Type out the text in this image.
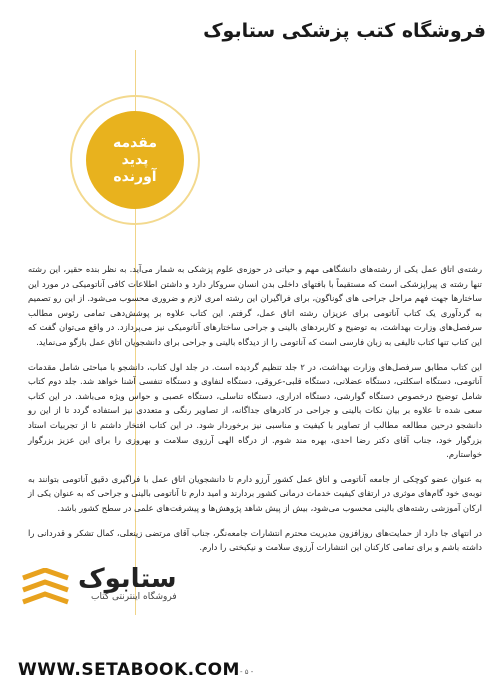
فروشگاه کتب پزشکی ستابوک
مقدمه
پدید
آورنده

رشته‌ی اتاق عمل یکی از رشته‌های دانشگاهی مهم و حیاتی در حوزه‌ی علوم پزشکی به شمار می‌آید. به نظر بنده حقیر، این رشته تنها رشته ی پیراپزشکی است که مستقیماً با بافتهای داخلی بدن انسان سروکار دارد و داشتن اطلاعات کافی آناتومیکی در مورد این ساختارها جهت فهم مراحل جراحی های گوناگون، برای فراگیران این رشته امری لازم و ضروری محسوب می‌شود. از این رو تصمیم به گردآوری یک کتاب آناتومی برای عزیزان رشته اتاق عمل، گرفتم. این کتاب علاوه بر پوشش‌دهی تمامی رئوس مطالب سرفصل‌های وزارت بهداشت، به توضیح و کاربردهای بالینی و جراحی ساختارهای آناتومیکی نیز می‌پردازد. در واقع می‌توان گفت که این کتاب تنها کتاب تالیفی به زبان فارسی است که آناتومی را از دیدگاه بالینی و جراحی برای دانشجویان اتاق عمل بازگو می‌نماید.

این کتاب مطابق سرفصل‌های وزارت بهداشت، در ۲ جلد تنظیم گردیده است. در جلد اول کتاب، دانشجو با مباحثی شامل مقدمات آناتومی، دستگاه اسکلتی، دستگاه عضلانی، دستگاه قلبی-عروقی، دستگاه لنفاوی و دستگاه تنفسی آشنا خواهد شد. جلد دوم کتاب شامل توضیح درخصوص دستگاه گوارشی، دستگاه ادراری، دستگاه تناسلی، دستگاه عصبی و حواس ویژه می‌باشد. در این کتاب سعی شده تا علاوه بر بیان نکات بالینی و جراحی در کادرهای جداگانه، از تصاویر رنگی و متعددی نیز استفاده گردد تا از این رو دانشجو درحین مطالعه مطالب از تصاویر با کیفیت و مناسبی نیز برخوردار شود. در این کتاب افتخار داشتم تا از تجربیات استاد بزرگوار خود، جناب آقای دکتر رضا احدی، بهره مند شوم. از درگاه الهی آرزوی سلامت و بهروزی را برای این عزیز بزرگوار خواستارم.

به عنوان عضو کوچکی از جامعه آناتومی و اتاق عمل کشور آرزو دارم تا دانشجویان اتاق عمل با فراگیری دقیق آناتومی بتوانند به نوبه‌ی خود گام‌های موثری در ارتقای کیفیت خدمات درمانی کشور بردارند و امید دارم تا آناتومی بالینی و جراحی که به عنوان یکی از ارکان آموزشی رشته‌های بالینی محسوب می‌شود، بیش از پیش شاهد پژوهش‌ها و پیشرفت‌های علمی در سطح کشور باشد.

در انتهای جا دارد از حمایت‌های روزافزون مدیریت محترم انتشارات جامعه‌نگر، جناب آقای مرتضی زینعلی، کمال تشکر و قدردانی را داشته باشم و برای تمامی کارکنان این انتشارات آرزوی سلامت و نیکبختی را دارم.

ستابوک
فروشگاه اینترنتی کتاب
WWW.SETABOOK.COM - ۵ -
